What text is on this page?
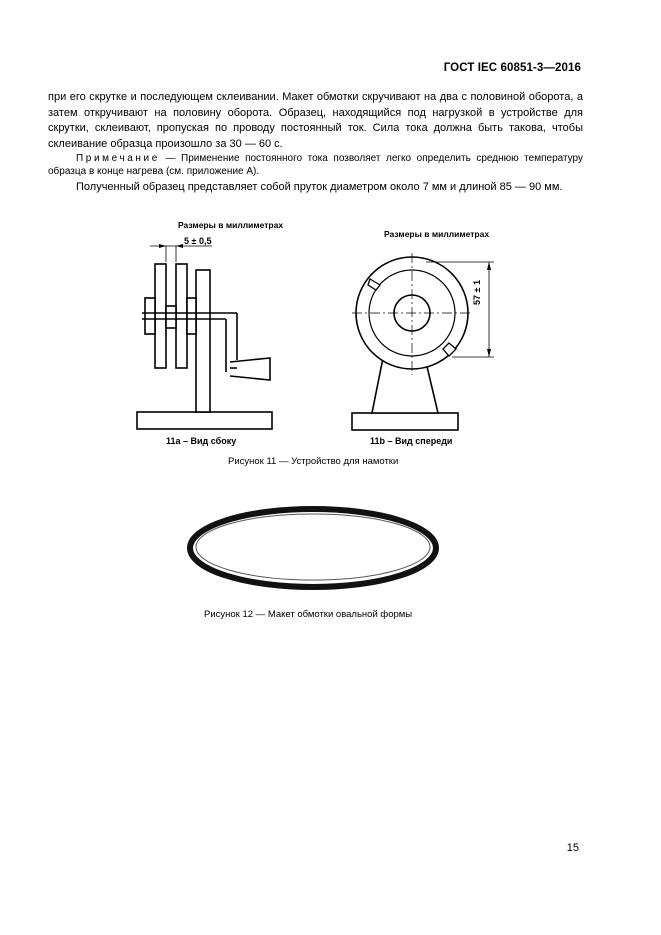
ГОСТ IEC 60851-3—2016

при его скрутке и последующем склеивании. Макет обмотки скручивают на два с половиной оборота, а затем откручивают на половину оборота. Образец, находящийся под нагрузкой в устройстве для скрутки, склеивают, пропуская по проводу постоянный ток. Сила тока должна быть такова, чтобы склеивание образца произошло за 30 — 60 с.

Примечание — Применение постоянного тока позволяет легко определить среднюю температуру образца в конце нагрева (см. приложение А).

Полученный образец представляет собой пруток диаметром около 7 мм и длиной 85 — 90 мм.

Размеры в миллиметрах
Размеры в миллиметрах
5 ± 0,5
57 ± 1
11a – Вид сбоку	11b – Вид спереди
Рисунок 11 — Устройство для намотки
Рисунок 12 — Макет обмотки овальной формы
15
